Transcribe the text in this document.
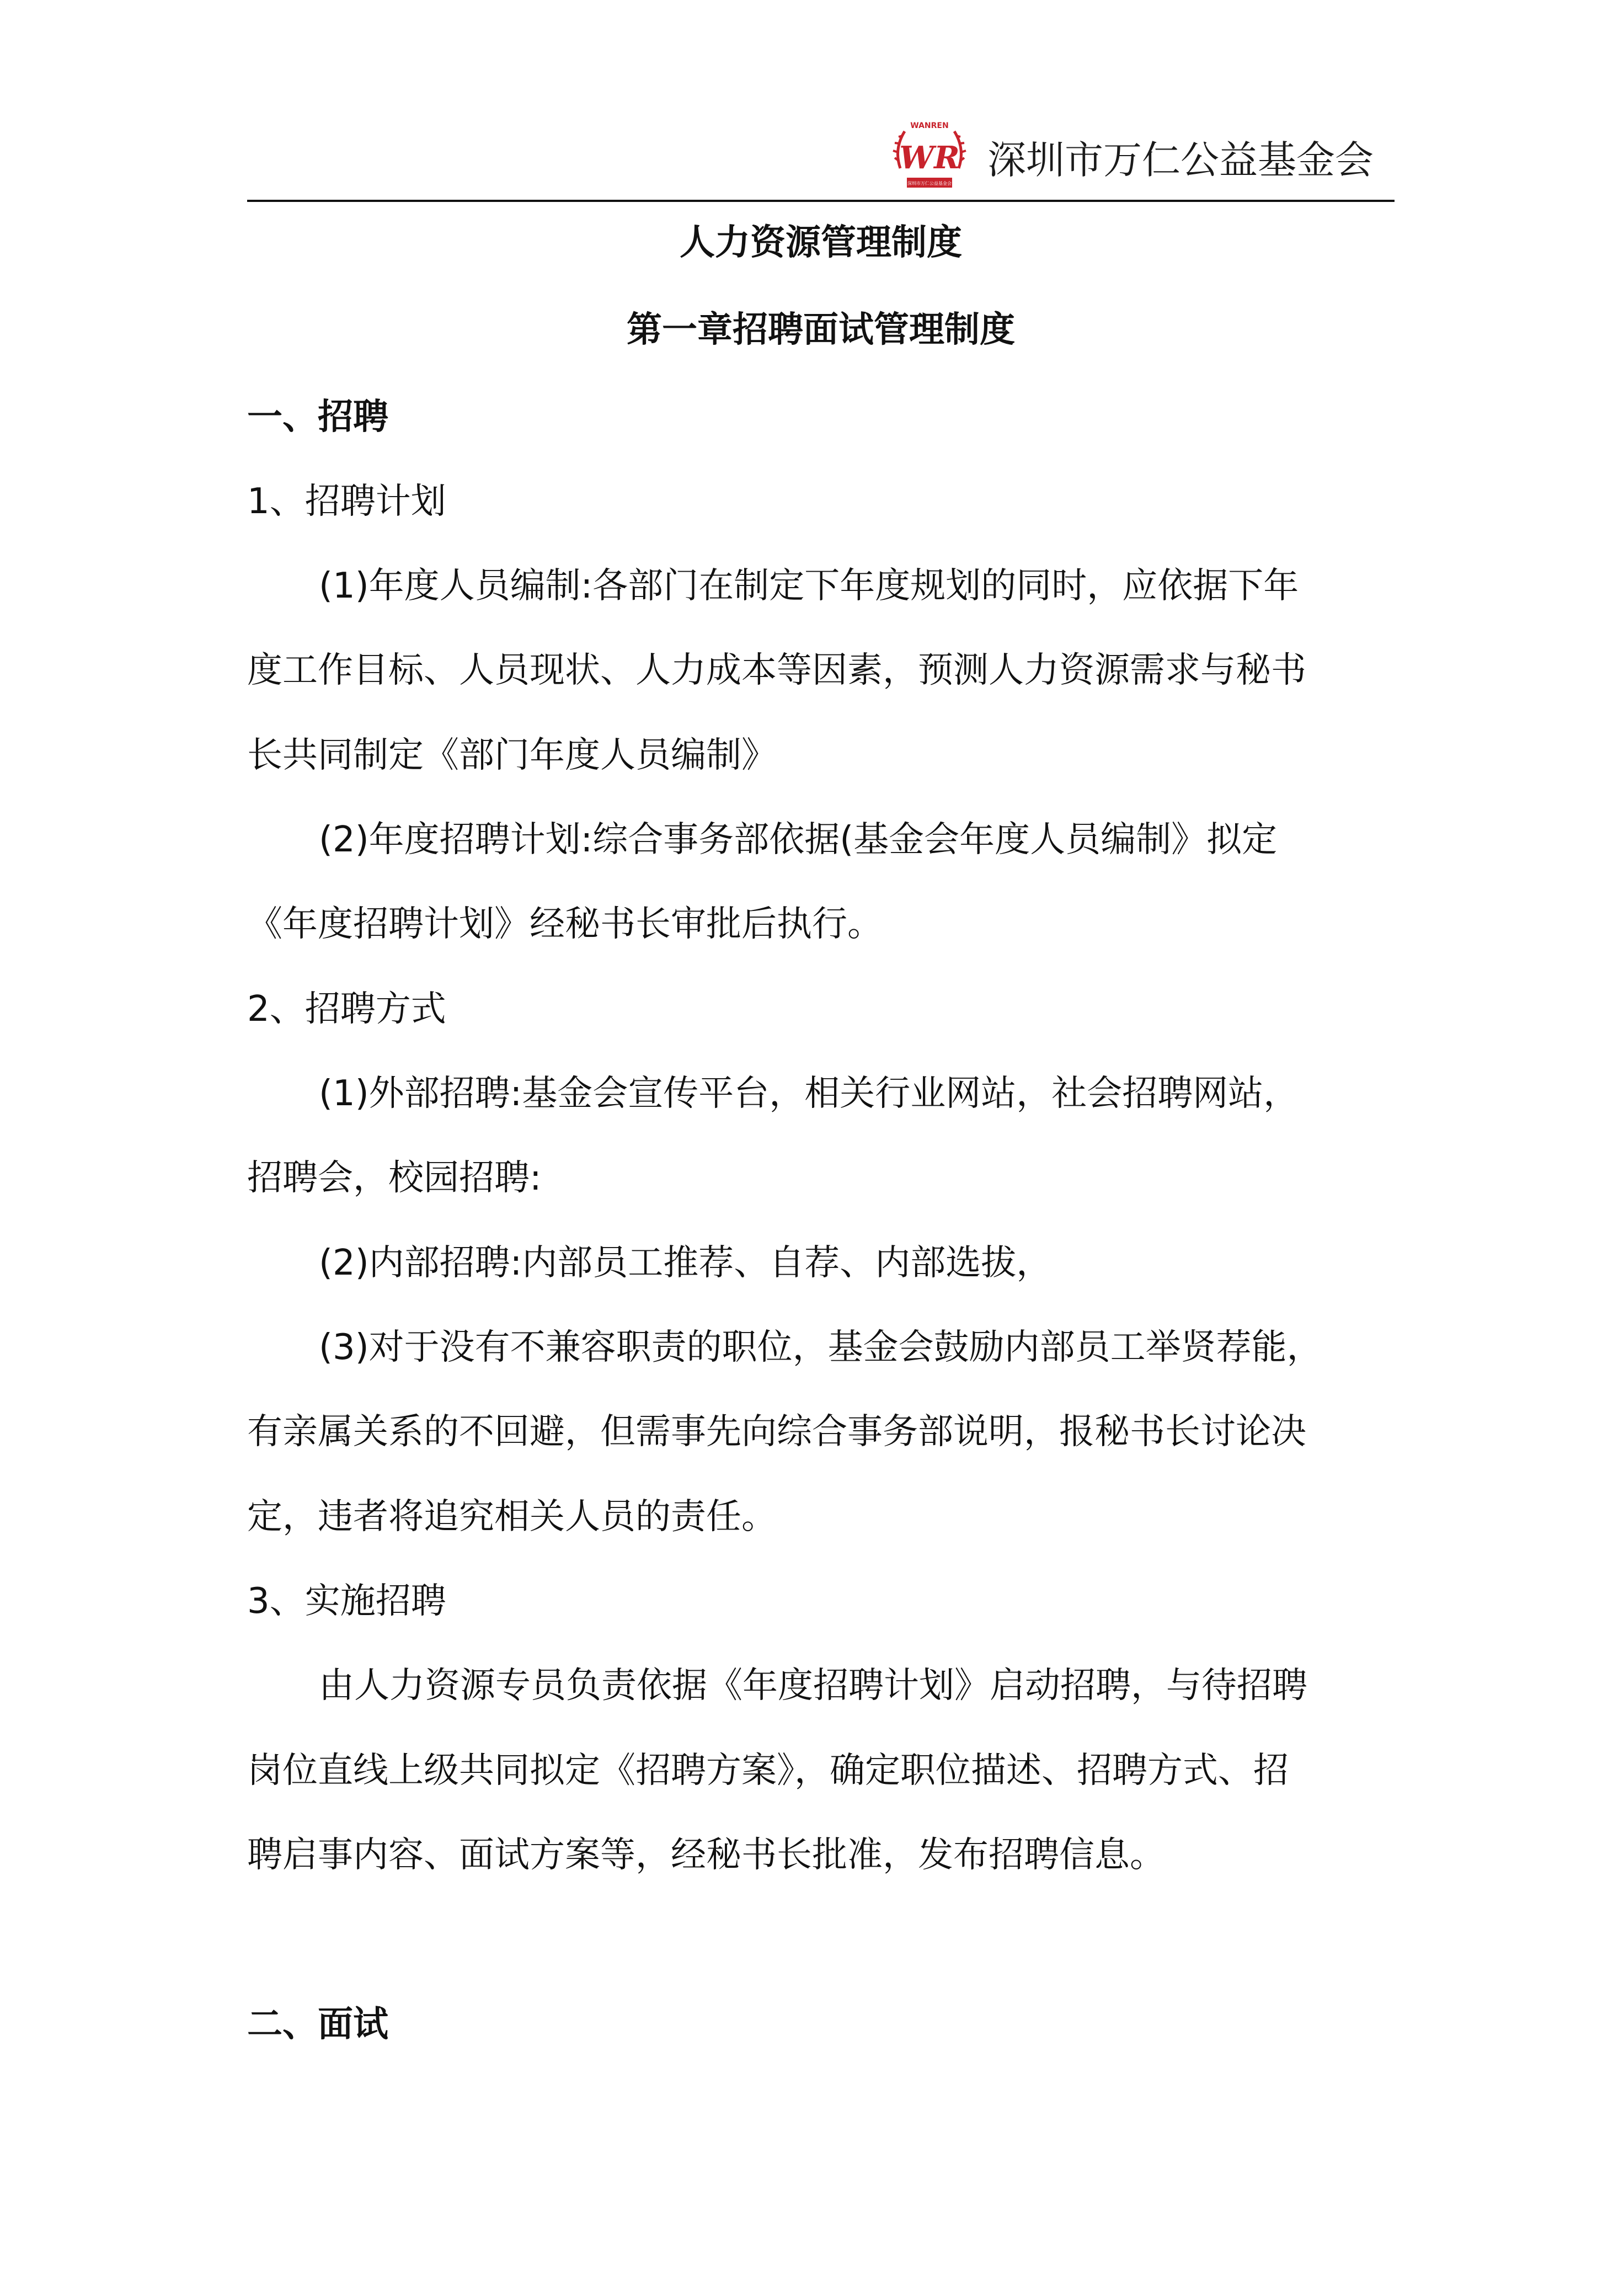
WANREN
WR
深圳市万仁公益基金会
深圳市万仁公益基金会
人力资源管理制度
第一章招聘面试管理制度
一、招聘
1、招聘计划
(1)年度人员编制:各部门在制定下年度规划的同时，应依据下年
度工作目标、人员现状、人力成本等因素，预测人力资源需求与秘书
长共同制定《部门年度人员编制》
(2)年度招聘计划:综合事务部依据(基金会年度人员编制》拟定
《年度招聘计划》经秘书长审批后执行。
2、招聘方式
(1)外部招聘:基金会宣传平台，相关行业网站，社会招聘网站，
招聘会，校园招聘:
(2)内部招聘:内部员工推荐、自荐、内部选拔，
(3)对于没有不兼容职责的职位，基金会鼓励内部员工举贤荐能，
有亲属关系的不回避，但需事先向综合事务部说明，报秘书长讨论决
定，违者将追究相关人员的责任。
3、实施招聘
由人力资源专员负责依据《年度招聘计划》启动招聘，与待招聘
岗位直线上级共同拟定《招聘方案》，确定职位描述、招聘方式、招
聘启事内容、面试方案等，经秘书长批准，发布招聘信息。
二、面试
